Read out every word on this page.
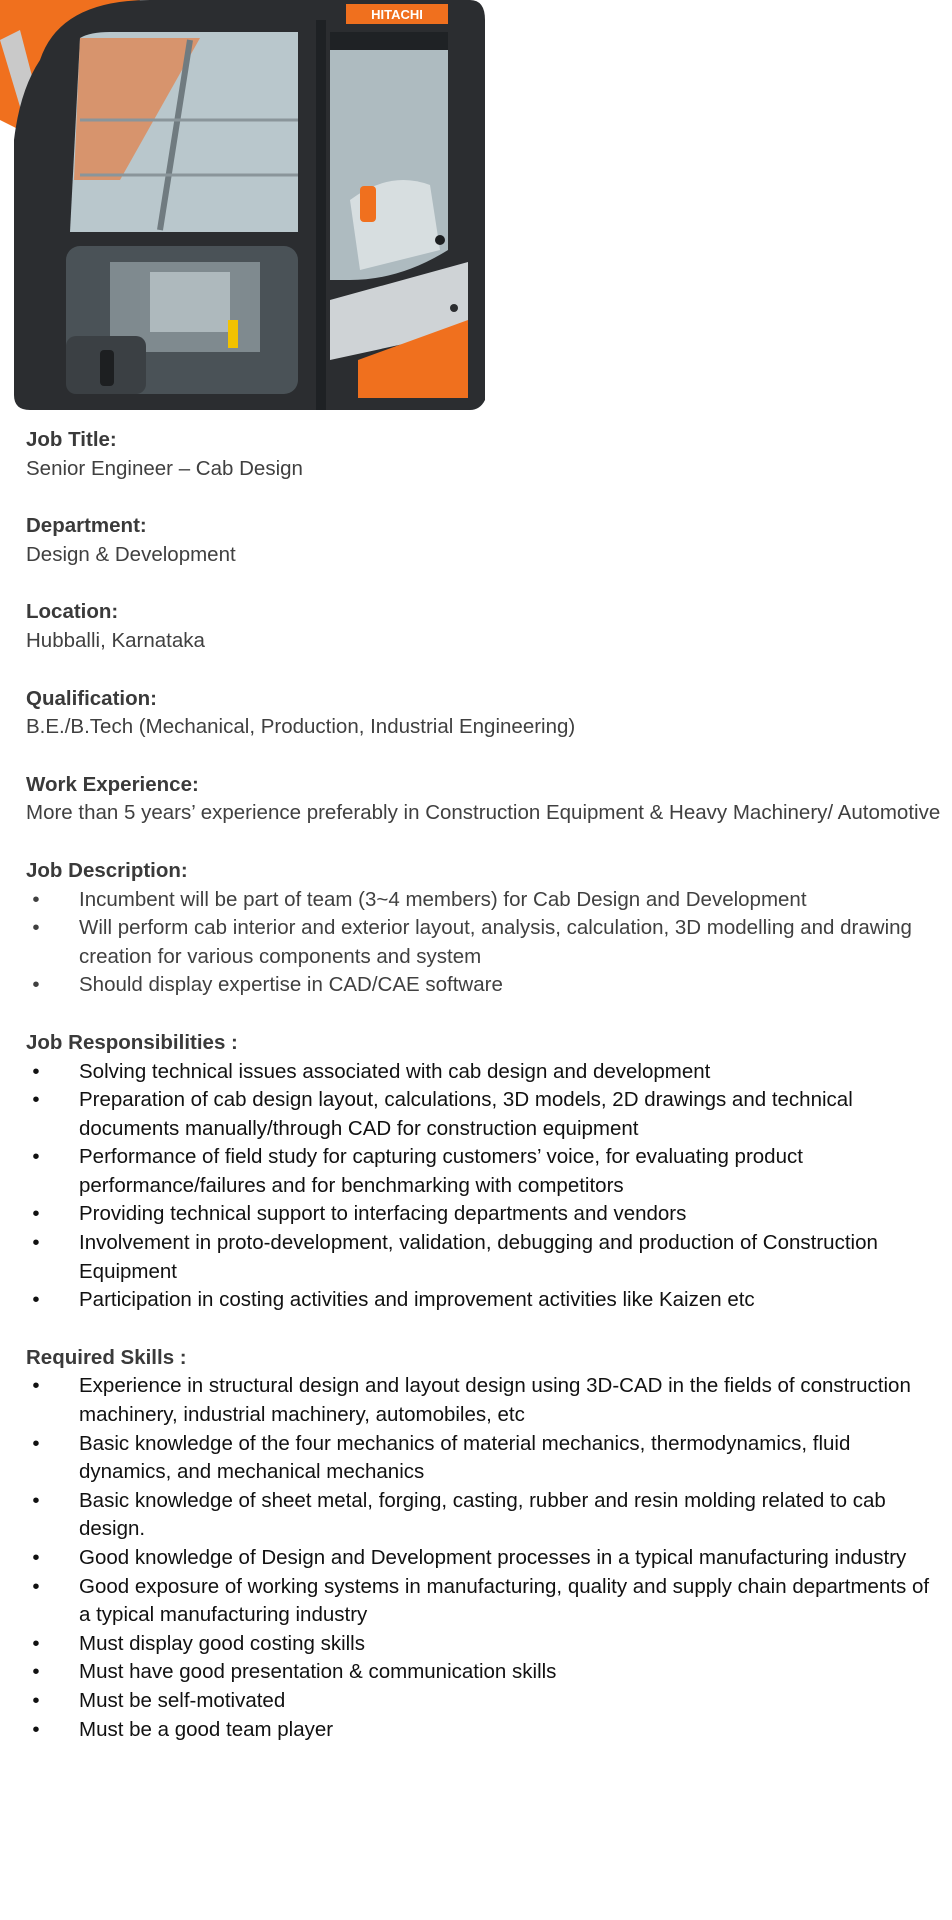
HITACHI
Job Title:
Senior Engineer – Cab Design
Department:
Design & Development
Location:
Hubballi, Karnataka
Qualification:
B.E./B.Tech (Mechanical, Production, Industrial Engineering)
Work Experience:
More than 5 years’ experience preferably in Construction Equipment & Heavy Machinery/ Automotive
Job Description:
•	Incumbent will be part of team (3~4 members) for Cab Design and Development
•	Will perform cab interior and exterior layout, analysis, calculation, 3D modelling and drawing creation for various components and system
•	Should display expertise in CAD/CAE software
Job Responsibilities :
•	Solving technical issues associated with cab design and development
•	Preparation of cab design layout, calculations, 3D models, 2D drawings and technical documents manually/through CAD for construction equipment
•	Performance of field study for capturing customers’ voice, for evaluating product performance/failures and for benchmarking with competitors
•	Providing technical support to interfacing departments and vendors
•	Involvement in proto-development, validation, debugging and production of Construction Equipment
•	Participation in costing activities and improvement activities like Kaizen etc
Required Skills :
•	Experience in structural design and layout design using 3D-CAD in the fields of construction machinery, industrial machinery, automobiles, etc
•	Basic knowledge of the four mechanics of material mechanics, thermodynamics, fluid dynamics, and mechanical mechanics
•	Basic knowledge of sheet metal, forging, casting, rubber and resin molding related to cab design.
•	Good knowledge of Design and Development processes in a typical manufacturing industry
•	Good exposure of working systems in manufacturing, quality and supply chain departments of a typical manufacturing industry
•	Must display good costing skills
•	Must have good presentation & communication skills
•	Must be self-motivated
•	Must be a good team player
